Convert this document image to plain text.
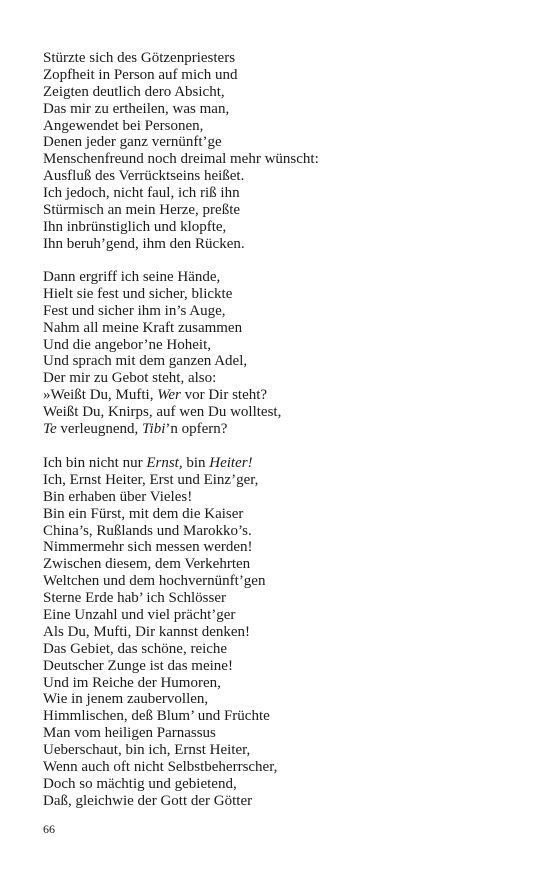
Stürzte sich des Götzenpriesters
Zopfheit in Person auf mich und
Zeigten deutlich dero Absicht,
Das mir zu ertheilen, was man,
Angewendet bei Personen,
Denen jeder ganz vernünft’ge
Menschenfreund noch dreimal mehr wünscht:
Ausfluß des Verrücktseins heißet.
Ich jedoch, nicht faul, ich riß ihn
Stürmisch an mein Herze, preßte
Ihn inbrünstiglich und klopfte,
Ihn beruh’gend, ihm den Rücken.
Dann ergriff ich seine Hände,
Hielt sie fest und sicher, blickte
Fest und sicher ihm in’s Auge,
Nahm all meine Kraft zusammen
Und die angebor’ne Hoheit,
Und sprach mit dem ganzen Adel,
Der mir zu Gebot steht, also:
»Weißt Du, Mufti, Wer vor Dir steht?
Weißt Du, Knirps, auf wen Du wolltest,
Te verleugnend, Tibi’n opfern?
Ich bin nicht nur Ernst, bin Heiter!
Ich, Ernst Heiter, Erst und Einz’ger,
Bin erhaben über Vieles!
Bin ein Fürst, mit dem die Kaiser
China’s, Rußlands und Marokko’s.
Nimmermehr sich messen werden!
Zwischen diesem, dem Verkehrten
Weltchen und dem hochvernünft’gen
Sterne Erde hab’ ich Schlösser
Eine Unzahl und viel prächt’ger
Als Du, Mufti, Dir kannst denken!
Das Gebiet, das schöne, reiche
Deutscher Zunge ist das meine!
Und im Reiche der Humoren,
Wie in jenem zaubervollen,
Himmlischen, deß Blum’ und Früchte
Man vom heiligen Parnassus
Ueberschaut, bin ich, Ernst Heiter,
Wenn auch oft nicht Selbstbeherrscher,
Doch so mächtig und gebietend,
Daß, gleichwie der Gott der Götter
66
